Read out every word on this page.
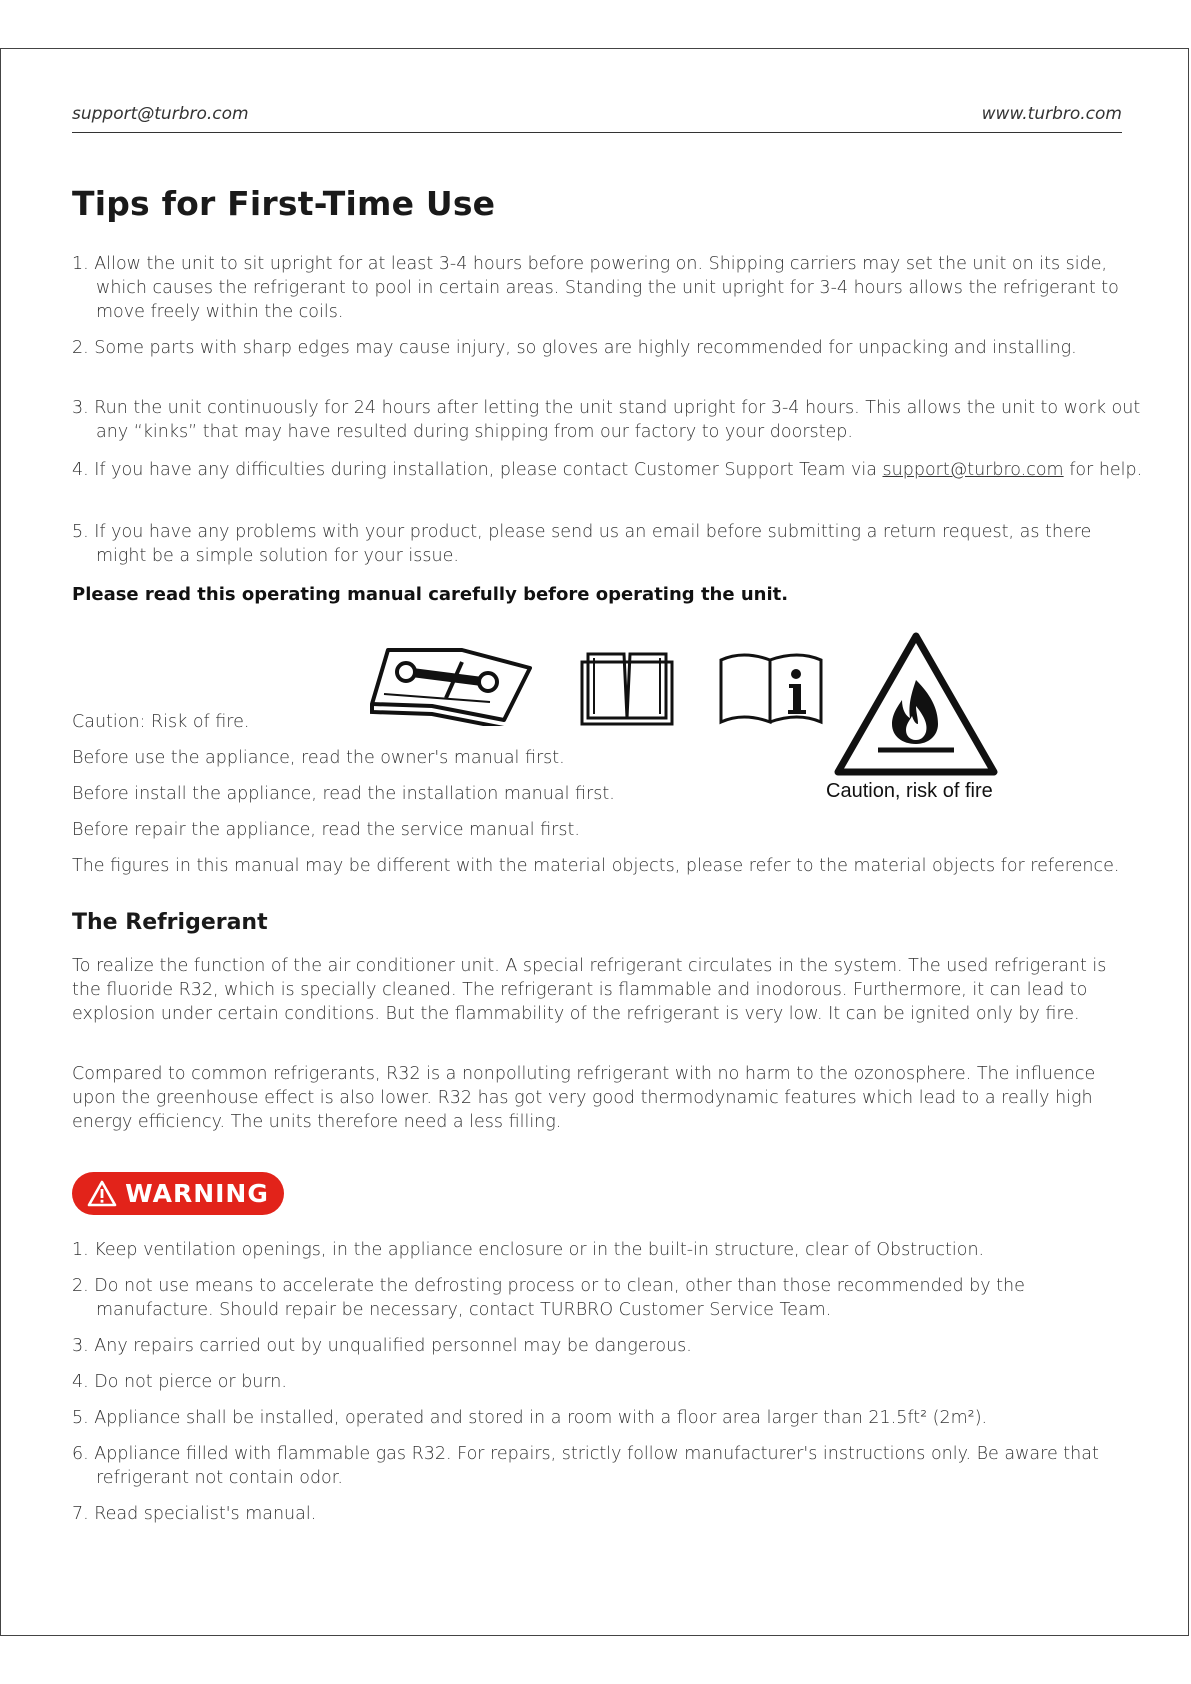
support@turbro.com	www.turbro.com
Tips for First-Time Use

1. Allow the unit to sit upright for at least 3-4 hours before powering on. Shipping carriers may set the unit on its side, which causes the refrigerant to pool in certain areas. Standing the unit upright for 3-4 hours allows the refrigerant to move freely within the coils.

2. Some parts with sharp edges may cause injury, so gloves are highly recommended for unpacking and installing.

3. Run the unit continuously for 24 hours after letting the unit stand upright for 3-4 hours. This allows the unit to work out any “kinks” that may have resulted during shipping from our factory to your doorstep.

4. If you have any difficulties during installation, please contact Customer Support Team via support@turbro.com for help.

5. If you have any problems with your product, please send us an email before submitting a return request, as there might be a simple solution for your issue.

Please read this operating manual carefully before operating the unit.

Caution, risk of fire

Caution: Risk of fire.

Before use the appliance, read the owner's manual first.

Before install the appliance, read the installation manual first.

Before repair the appliance, read the service manual first.

The figures in this manual may be different with the material objects, please refer to the material objects for reference.

The Refrigerant

To realize the function of the air conditioner unit. A special refrigerant circulates in the system. The used refrigerant is the fluoride R32, which is specially cleaned. The refrigerant is flammable and inodorous. Furthermore, it can lead to explosion under certain conditions. But the flammability of the refrigerant is very low. It can be ignited only by fire.

Compared to common refrigerants, R32 is a nonpolluting refrigerant with no harm to the ozonosphere. The influence upon the greenhouse effect is also lower. R32 has got very good thermodynamic features which lead to a really high energy efficiency. The units therefore need a less filling.

WARNING

1. Keep ventilation openings, in the appliance enclosure or in the built-in structure, clear of Obstruction.

2. Do not use means to accelerate the defrosting process or to clean, other than those recommended by the manufacture. Should repair be necessary, contact TURBRO Customer Service Team.

3. Any repairs carried out by unqualified personnel may be dangerous.

4. Do not pierce or burn.

5. Appliance shall be installed, operated and stored in a room with a floor area larger than 21.5ft² (2m²).

6. Appliance filled with flammable gas R32. For repairs, strictly follow manufacturer's instructions only. Be aware that refrigerant not contain odor.

7. Read specialist's manual.
